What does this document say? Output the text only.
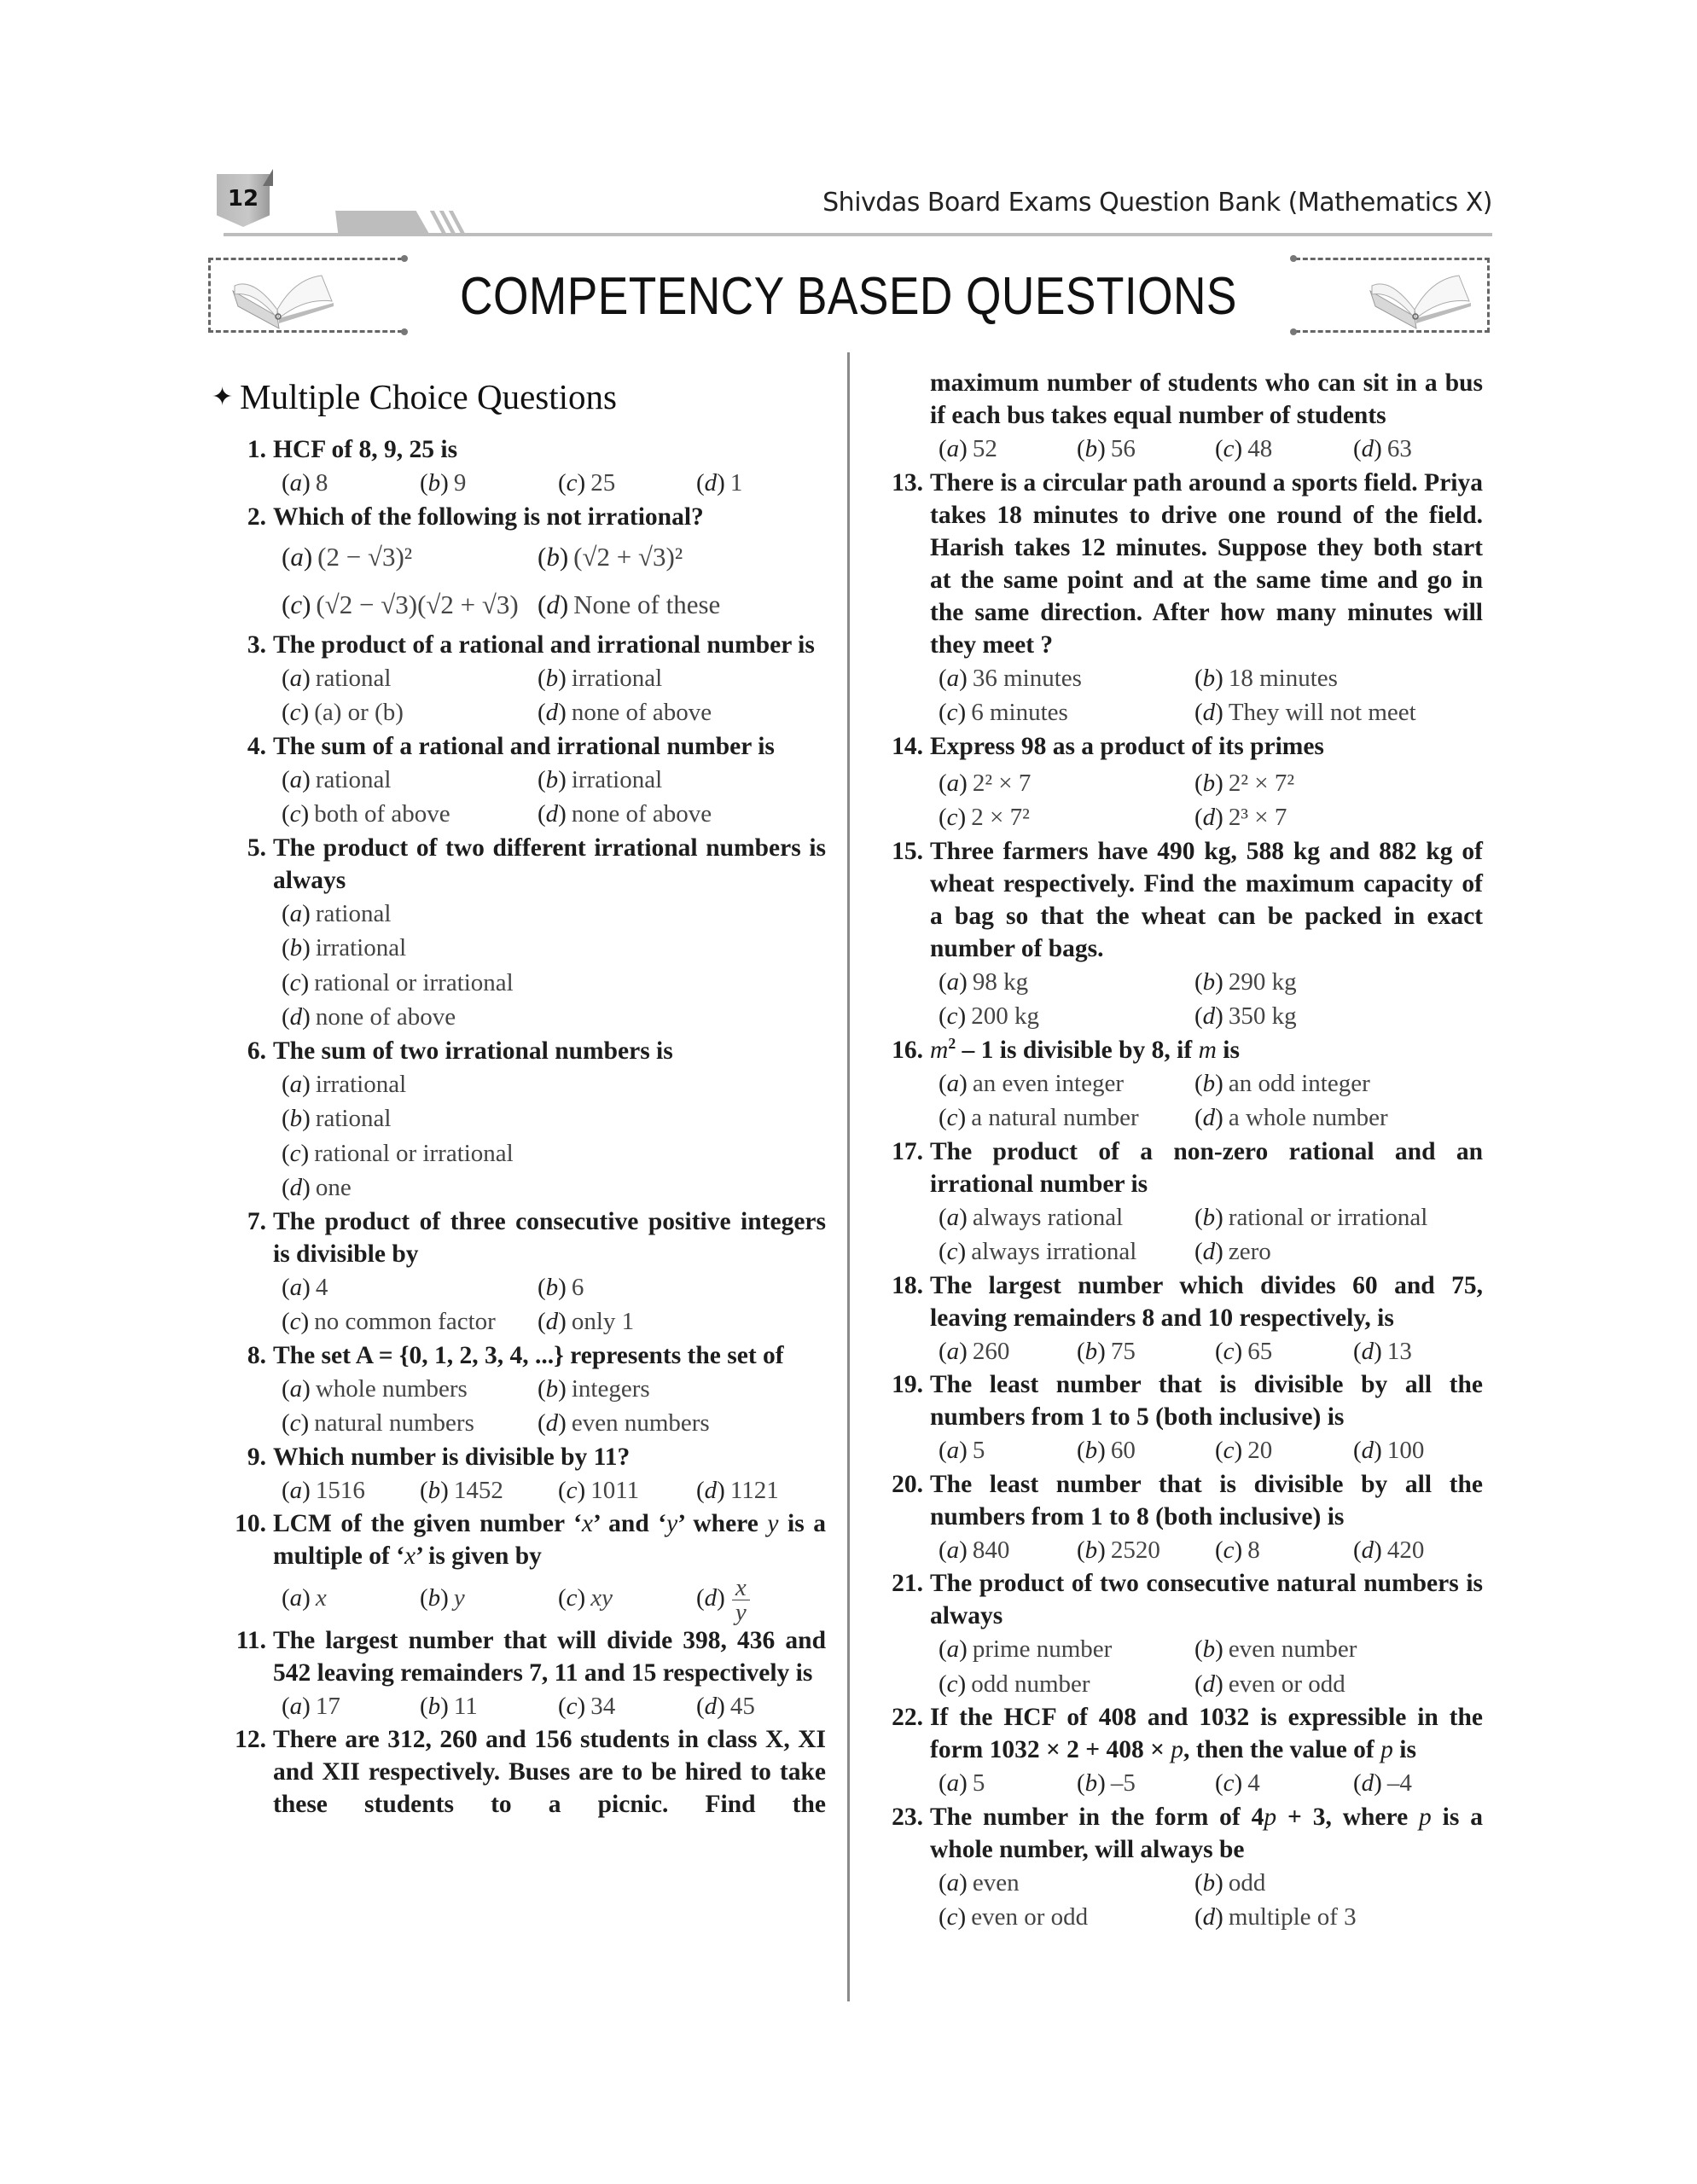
12	Shivdas Board Exams Question Bank (Mathematics X)
COMPETENCY BASED QUESTIONS
✦ Multiple Choice Questions
1. HCF of 8, 9, 25 is
(a) 8	(b) 9	(c) 25	(d) 1
2. Which of the following is not irrational?
(a) (2 − √3)²	(b) (√2 + √3)²
(c) (√2 − √3)(√2 + √3) (d) None of these
3. The product of a rational and irrational number is
(a) rational	(b) irrational
(c) (a) or (b)	(d) none of above
4. The sum of a rational and irrational number is
(a) rational	(b) irrational
(c) both of above	(d) none of above
5. The product of two different irrational numbers is always
(a) rational
(b) irrational
(c) rational or irrational
(d) none of above
6. The sum of two irrational numbers is
(a) irrational
(b) rational
(c) rational or irrational
(d) one
7. The product of three consecutive positive integers is divisible by
(a) 4	(b) 6
(c) no common factor	(d) only 1
8. The set A = {0, 1, 2, 3, 4, ...} represents the set of
(a) whole numbers	(b) integers
(c) natural numbers	(d) even numbers
9. Which number is divisible by 11?
(a) 1516	(b) 1452	(c) 1011	(d) 1121
10. LCM of the given number ‘x’ and ‘y’ where y is a multiple of ‘x’ is given by
(a) x	(b) y	(c) xy	$(d) \frac{x}{y}$
11. The largest number that will divide 398, 436 and 542 leaving remainders 7, 11 and 15 respectively is
(a) 17	(b) 11	(c) 34	(d) 45
12. There are 312, 260 and 156 students in class X, XI and XII respectively. Buses are to be hired to take these students to a picnic. Find the
maximum number of students who can sit in a bus if each bus takes equal number of students
(a) 52	(b) 56	(c) 48	(d) 63
13. There is a circular path around a sports field. Priya takes 18 minutes to drive one round of the field. Harish takes 12 minutes. Suppose they both start at the same point and at the same time and go in the same direction. After how many minutes will they meet ?
(a) 36 minutes	(b) 18 minutes
(c) 6 minutes	(d) They will not meet
14. Express 98 as a product of its primes
(a) 2² × 7	(b) 2² × 7²
(c) 2 × 7²	(d) 2³ × 7
15. Three farmers have 490 kg, 588 kg and 882 kg of wheat respectively. Find the maximum capacity of a bag so that the wheat can be packed in exact number of bags.
(a) 98 kg	(b) 290 kg
(c) 200 kg	(d) 350 kg
16. $m^2 - 1$ is divisible by 8, if m is
(a) an even integer	(b) an odd integer
(c) a natural number	(d) a whole number
17. The product of a non-zero rational and an irrational number is
(a) always rational	(b) rational or irrational
(c) always irrational	(d) zero
18. The largest number which divides 60 and 75, leaving remainders 8 and 10 respectively, is
(a) 260	(b) 75	(c) 65	(d) 13
19. The least number that is divisible by all the numbers from 1 to 5 (both inclusive) is
(a) 5	(b) 60	(c) 20	(d) 100
20. The least number that is divisible by all the numbers from 1 to 8 (both inclusive) is
(a) 840	(b) 2520	(c) 8	(d) 420
21. The product of two consecutive natural numbers is always
(a) prime number	(b) even number
(c) odd number	(d) even or odd
22. If the HCF of 408 and 1032 is expressible in the form 1032 × 2 + 408 × p, then the value of p is
(a) 5	(b) –5	(c) 4	(d) –4
23. The number in the form of 4p + 3, where p is a whole number, will always be
(a) even	(b) odd
(c) even or odd	(d) multiple of 3
